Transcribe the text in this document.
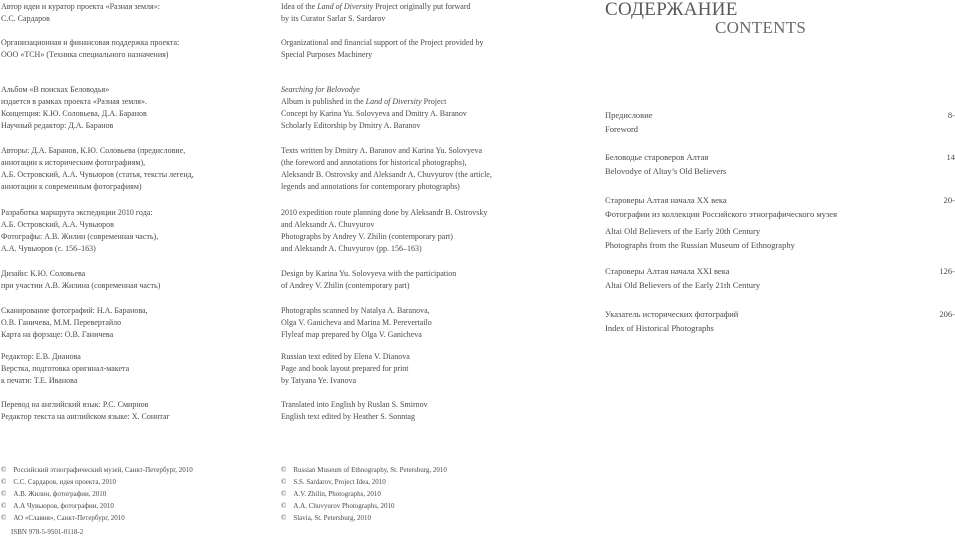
Автор идеи и куратор проекта «Разная земля»:
С.С. Сардаров
Организационная и финансовая поддержка проекта:
ООО «ТСН» (Техника специального назначения)
Альбом «В поисках Беловодья»
издается в рамках проекта «Разная земля».
Концепция: К.Ю. Соловьева, Д.А. Баранов
Научный редактор: Д.А. Баранов
Авторы: Д.А. Баранов, К.Ю. Соловьева (предисловие,
аннотации к историческим фотографиям),
А.Б. Островский, А.А. Чувьюров (статья, тексты легенд,
аннотации к современным фотографиям)
Разработка маршрута экспедиции 2010 года:
А.Б. Островский, А.А. Чувьюров
Фотографы: А.В. Жилин (современная часть),
А.А. Чувьюров (с. 156–163)
Дизайн: К.Ю. Соловьева
при участии А.В. Жилина (современная часть)
Сканирование фотографий: Н.А. Баранова,
О.В. Ганичева, М.М. Перевертайло
Карта на форзаце: О.В. Ганичева
Редактор: Е.В. Дианова
Верстка, подготовка оригинал-макета
к печати: Т.Е. Иванова
Перевод на английский язык: Р.С. Смирнов
Редактор текста на английском языке: Х. Соннтаг
Idea of the Land of Diversity Project originally put forward
by its Curator Sarlar S. Sardarov
Organizational and financial support of the Project provided by
Special Purposes Machinery
Searching for Belovodye
Album is published in the Land of Diversity Project
Concept by Karina Yu. Solovyeva and Dmitry A. Baranov
Scholarly Editorship by Dmitry A. Baranov
Texts written by Dmitry A. Baranov and Karina Yu. Solovyeva
(the foreword and annotations for historical photographs),
Aleksandr B. Ostrovsky and Aleksandr A. Chuvyurov (the article,
legends and annotations for contemporary photographs)
2010 expedition route planning done by Aleksandr B. Ostrovsky
and Aleksandr A. Chuvyurov
Photographs by Andrey V. Zhilin (contemporary part)
and Aleksandr A. Chuvyurov (pp. 156–163)
Design by Karina Yu. Solovyeva with the participation
of Andrey V. Zhilin (contemporary part)
Photographs scanned by Natalya A. Baranova,
Olga V. Ganicheva and Marina M. Perevertailo
Flyleaf map prepared by Olga V. Ganicheva
Russian text edited by Elena V. Dianova
Page and book layout prepared for print
by Tatyana Ye. Ivanova
Translated into English by Ruslan S. Smirnov
English text edited by Heather S. Sonntag
© Российский этнографический музей, Санкт-Петербург, 2010
© С.С. Сардаров, идея проекта, 2010
© А.В. Жилин, фотографии, 2010
© А.А Чувьюров, фотографии, 2010
© АО «Славия», Санкт-Петербург, 2010
© Russian Museum of Ethnography, St. Petersburg, 2010
© S.S. Sardarov, Project Idea, 2010
© A.V. Zhilin, Photographs, 2010
© A.A. Chuvyurov Photographs, 2010
© Slavia, St. Petersburg, 2010
ISBN 978-5-9501-0118-2
СОДЕРЖАНИЕ
CONTENTS
Предисловие
Foreword
8-
Беловодье староверов Алтая
Belovodye of Altay’s Old Believers
14
Староверы Алтая начала XX века
Фотографии из коллекции Российского этнографического музея
Altai Old Believers of the Early 20th Century
Photographs from the Russian Museum of Ethnography
20-
Староверы Алтая начала XXI века
Altai Old Believers of the Early 21th Century
126-
Указатель исторических фотографий
Index of Historical Photographs
206-
